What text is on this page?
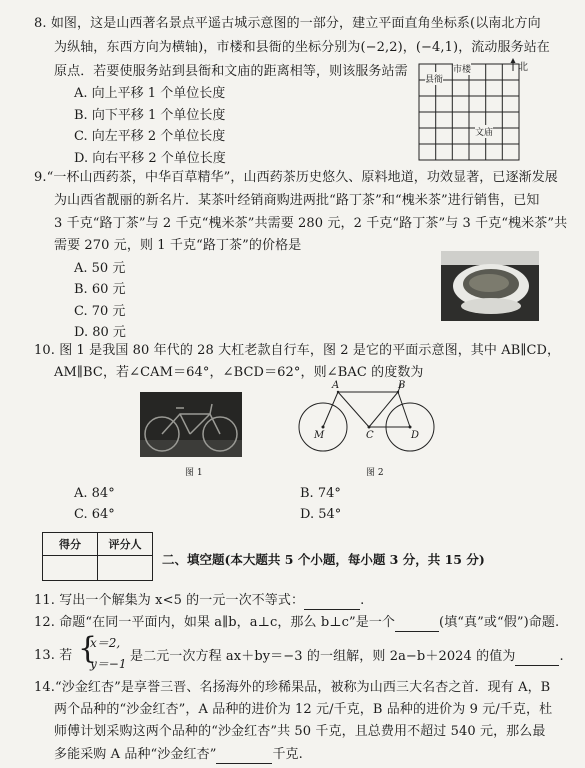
8. 如图，这是山西著名景点平遥古城示意图的一部分，建立平面直角坐标系(以南北方向
为纵轴，东西方向为横轴)，市楼和县衙的坐标分别为(−2,2)，(−4,1)，流动服务站在
原点．若要使服务站到县衙和文庙的距离相等，则该服务站需
A. 向上平移 1 个单位长度
B. 向下平移 1 个单位长度
C. 向左平移 2 个单位长度
D. 向右平移 2 个单位长度
县衙
市楼
文庙
北
9.“一杯山西药茶，中华百草精华”，山西药茶历史悠久、原料地道，功效显著，已逐渐发展
为山西省靓丽的新名片．某茶叶经销商购进两批“路丁茶”和“槐米茶”进行销售，已知
3 千克“路丁茶”与 2 千克“槐米茶”共需要 280 元，2 千克“路丁茶”与 3 千克“槐米茶”共
需要 270 元，则 1 千克“路丁茶”的价格是
A. 50 元
B. 60 元
C. 70 元
D. 80 元
10. 图 1 是我国 80 年代的 28 大杠老款自行车，图 2 是它的平面示意图，其中 AB∥CD，
AM∥BC，若∠CAM＝64°，∠BCD＝62°，则∠BAC 的度数为
图 1
A	B
M	C	D
图 2
A. 84°	B. 74°
C. 64°	D. 54°
得分	评分人

二、填空题(本大题共 5 个小题，每小题 3 分，共 15 分)
11. 写出一个解集为 x<5 的一元一次不等式：	.
12. 命题“在同一平面内，如果 a∥b，a⊥c，那么 b⊥c”是一个	(填“真”或“假”)命题.
13. 若 {
x＝2,
y＝−1 是二元一次方程 ax＋by＝−3 的一组解，则 2a−b＋2024 的值为	.
14.“沙金红杏”是享誉三晋、名扬海外的珍稀果品，被称为山西三大名杏之首．现有 A，B
两个品种的“沙金红杏”，A 品种的进价为 12 元/千克，B 品种的进价为 9 元/千克，杜
师傅计划采购这两个品种的“沙金红杏”共 50 千克，且总费用不超过 540 元，那么最
多能采购 A 品种“沙金红杏”	千克.
